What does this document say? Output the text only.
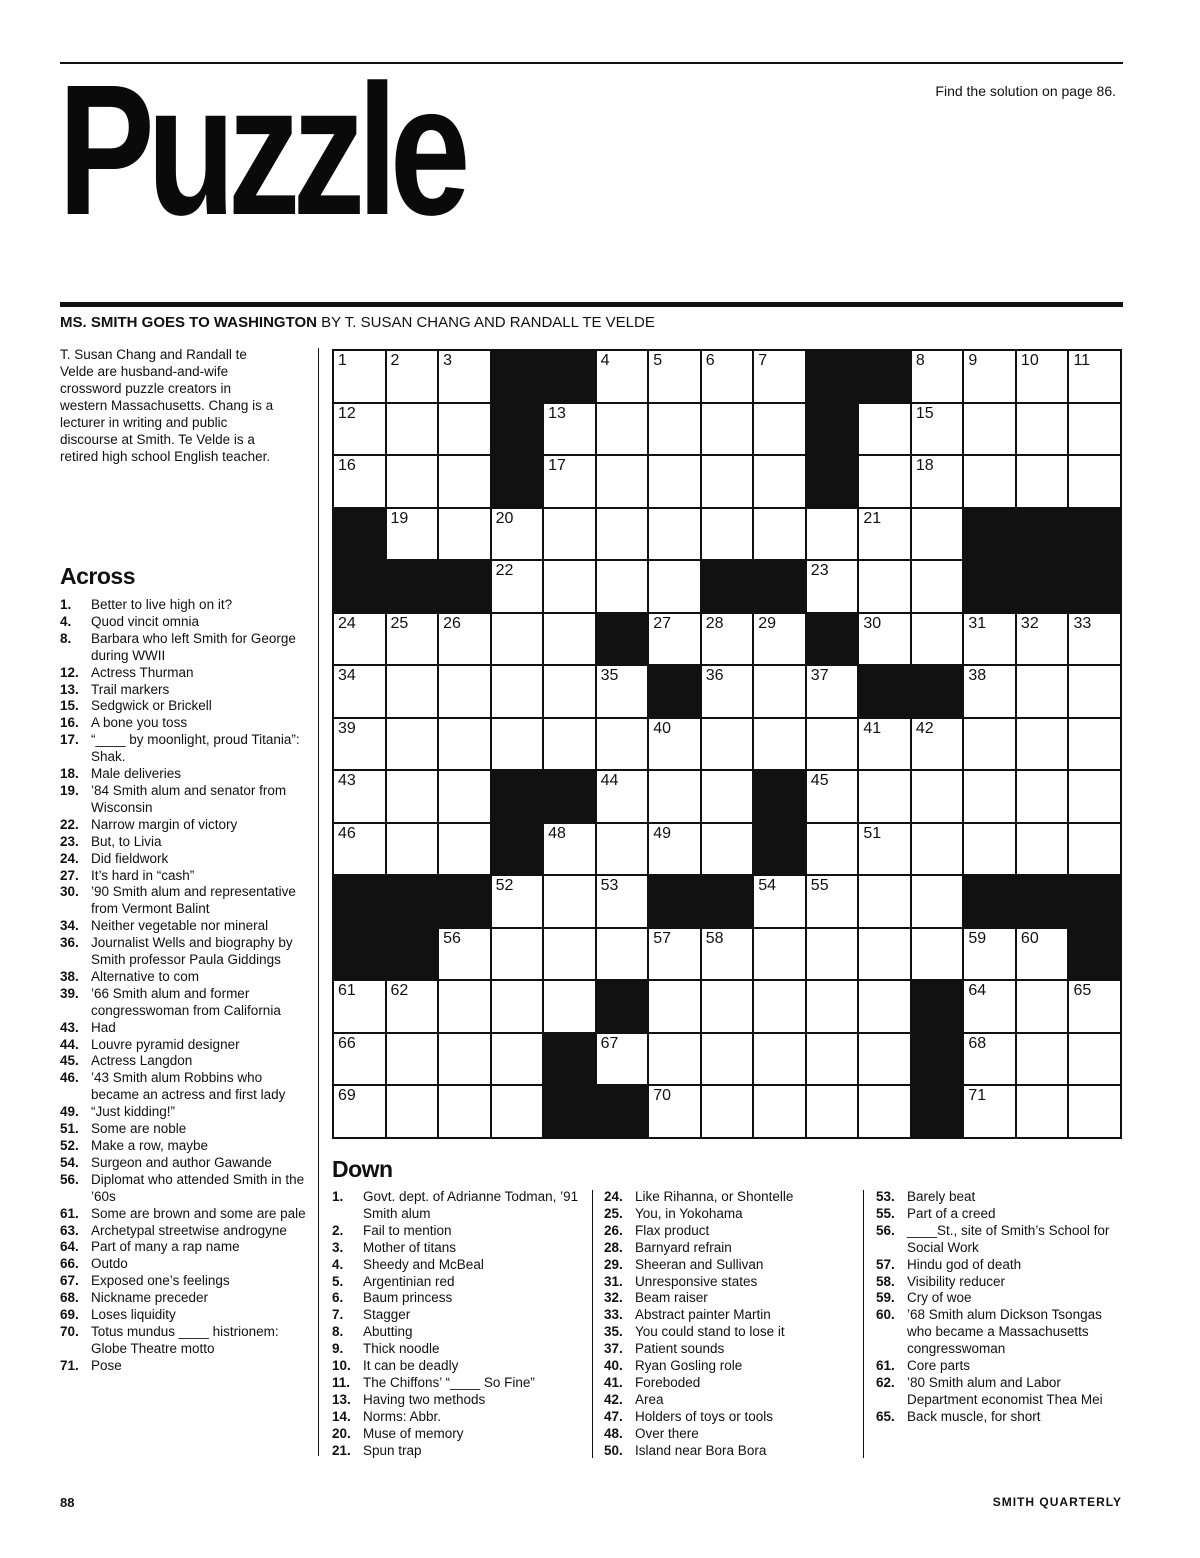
Puzzle	Find the solution on page 86.
MS. SMITH GOES TO WASHINGTON BY T. SUSAN CHANG AND RANDALL TE VELDE
T. Susan Chang and Randall te Velde are husband-and-wife crossword puzzle creators in western Massachusetts. Chang is a lecturer in writing and public discourse at Smith. Te Velde is a retired high school English teacher.
Across
1.	Better to live high on it?
4.	Quod vincit omnia
8.	Barbara who left Smith for George during WWII
12. Actress Thurman
13. Trail markers
15. Sedgwick or Brickell
16. A bone you toss
17. “____ by moonlight, proud Titania”: Shak.
18. Male deliveries
19. ’84 Smith alum and senator from Wisconsin
22. Narrow margin of victory
23. But, to Livia
24. Did fieldwork
27. It’s hard in “cash”
30. ’90 Smith alum and representative from Vermont Balint
34. Neither vegetable nor mineral
36. Journalist Wells and biography by Smith professor Paula Giddings
38. Alternative to com
39. ’66 Smith alum and former congresswoman from California
43. Had
44. Louvre pyramid designer
45. Actress Langdon
46. ’43 Smith alum Robbins who became an actress and first lady
49. “Just kidding!”
51. Some are noble
52. Make a row, maybe
54. Surgeon and author Gawande
56. Diplomat who attended Smith in the ’60s
61. Some are brown and some are pale
63. Archetypal streetwise androgyne
64. Part of many a rap name
66. Outdo
67. Exposed one’s feelings
68. Nickname preceder
69. Loses liquidity
70. Totus mundus ____ histrionem: Globe Theatre motto
71. Pose
1	2	3	4	5	6	7	8	9	10 11
12	13	15
16	17	18
19	20	21
22	23
24 25 26	27 28 29	30	31 32 33
34	35	36	37	38
39	40	41 42
43	44	45
46	48	49	51
52	53	54 55
56	57 58	59 60
61 62	64	65
66	67	68
69	70	71
Down
1.	Govt. dept. of Adrianne Todman, ’91 Smith alum
2.	Fail to mention
3.	Mother of titans
4.	Sheedy and McBeal
5.	Argentinian red
6.	Baum princess
7.	Stagger
8.	Abutting
9.	Thick noodle
10. It can be deadly
11. The Chiffons’ “____ So Fine”
13. Having two methods
14. Norms: Abbr.
20. Muse of memory
21. Spun trap
24. Like Rihanna, or Shontelle
25. You, in Yokohama
26. Flax product
28. Barnyard refrain
29. Sheeran and Sullivan
31. Unresponsive states
32. Beam raiser
33. Abstract painter Martin
35. You could stand to lose it
37. Patient sounds
40. Ryan Gosling role
41. Foreboded
42. Area
47. Holders of toys or tools
48. Over there
50. Island near Bora Bora
53. Barely beat
55. Part of a creed
56. ____St., site of Smith’s School for Social Work
57. Hindu god of death
58. Visibility reducer
59. Cry of woe
60. ’68 Smith alum Dickson Tsongas who became a Massachusetts congresswoman
61. Core parts
62. ’80 Smith alum and Labor Department economist Thea Mei
65. Back muscle, for short
88	SMITH QUARTERLY
